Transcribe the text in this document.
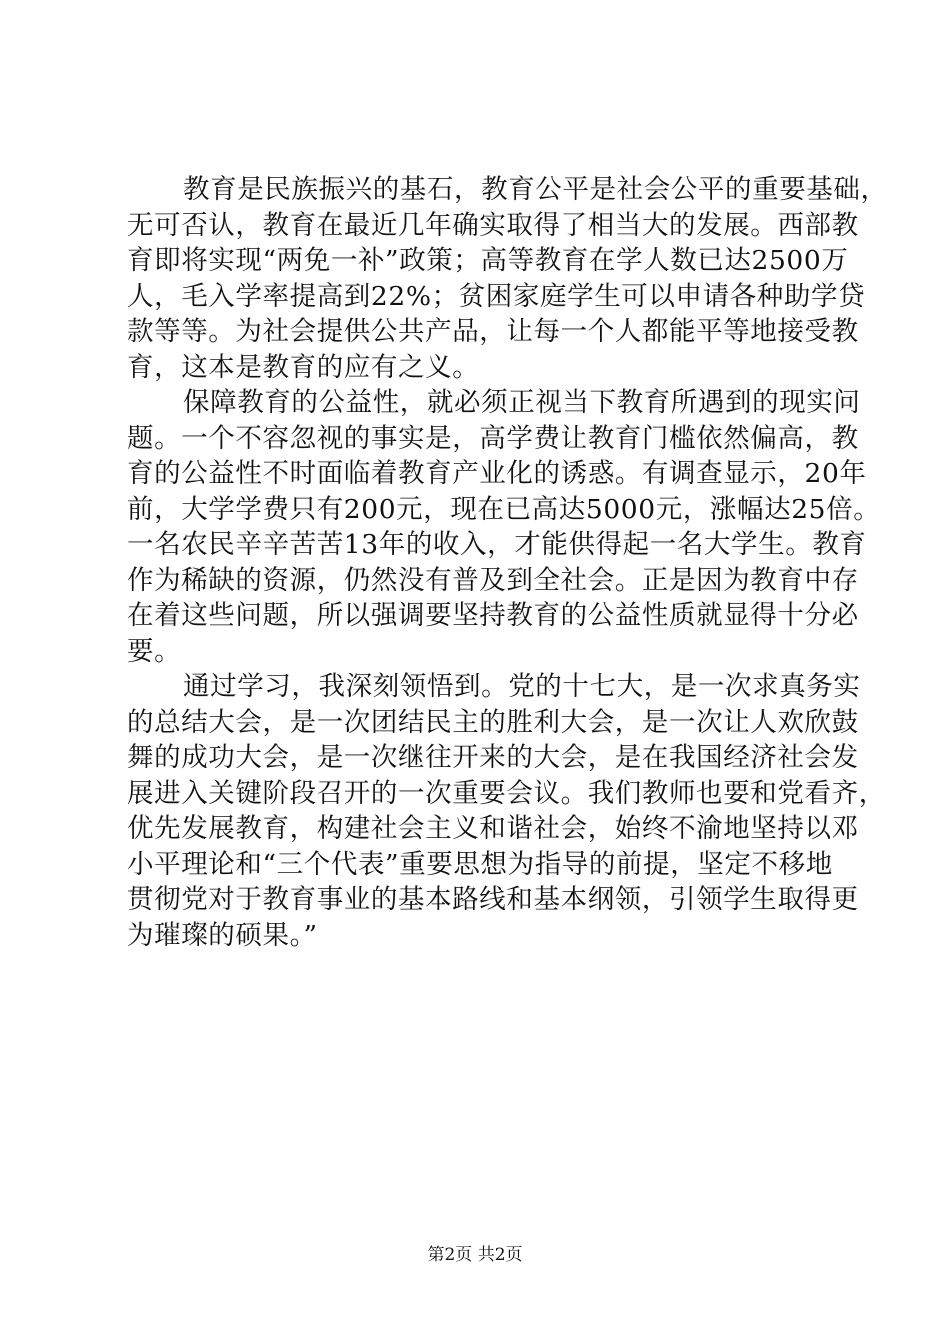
教育是民族振兴的基石，教育公平是社会公平的重要基础，
无可否认，教育在最近几年确实取得了相当大的发展。西部教
育即将实现“两免一补”政策；高等教育在学人数已达2500万
人，毛入学率提高到22%；贫困家庭学生可以申请各种助学贷
款等等。为社会提供公共产品，让每一个人都能平等地接受教
育，这本是教育的应有之义。
保障教育的公益性，就必须正视当下教育所遇到的现实问
题。一个不容忽视的事实是，高学费让教育门槛依然偏高，教
育的公益性不时面临着教育产业化的诱惑。有调查显示，20年
前，大学学费只有200元，现在已高达5000元，涨幅达25倍。
一名农民辛辛苦苦13年的收入，才能供得起一名大学生。教育
作为稀缺的资源，仍然没有普及到全社会。正是因为教育中存
在着这些问题，所以强调要坚持教育的公益性质就显得十分必
要。
通过学习，我深刻领悟到。党的十七大，是一次求真务实
的总结大会，是一次团结民主的胜利大会，是一次让人欢欣鼓
舞的成功大会，是一次继往开来的大会，是在我国经济社会发
展进入关键阶段召开的一次重要会议。我们教师也要和党看齐，
优先发展教育，构建社会主义和谐社会，始终不渝地坚持以邓
小平理论和“三个代表”重要思想为指导的前提，坚定不移地
贯彻党对于教育事业的基本路线和基本纲领，引领学生取得更
为璀璨的硕果。”
第2页 共2页
